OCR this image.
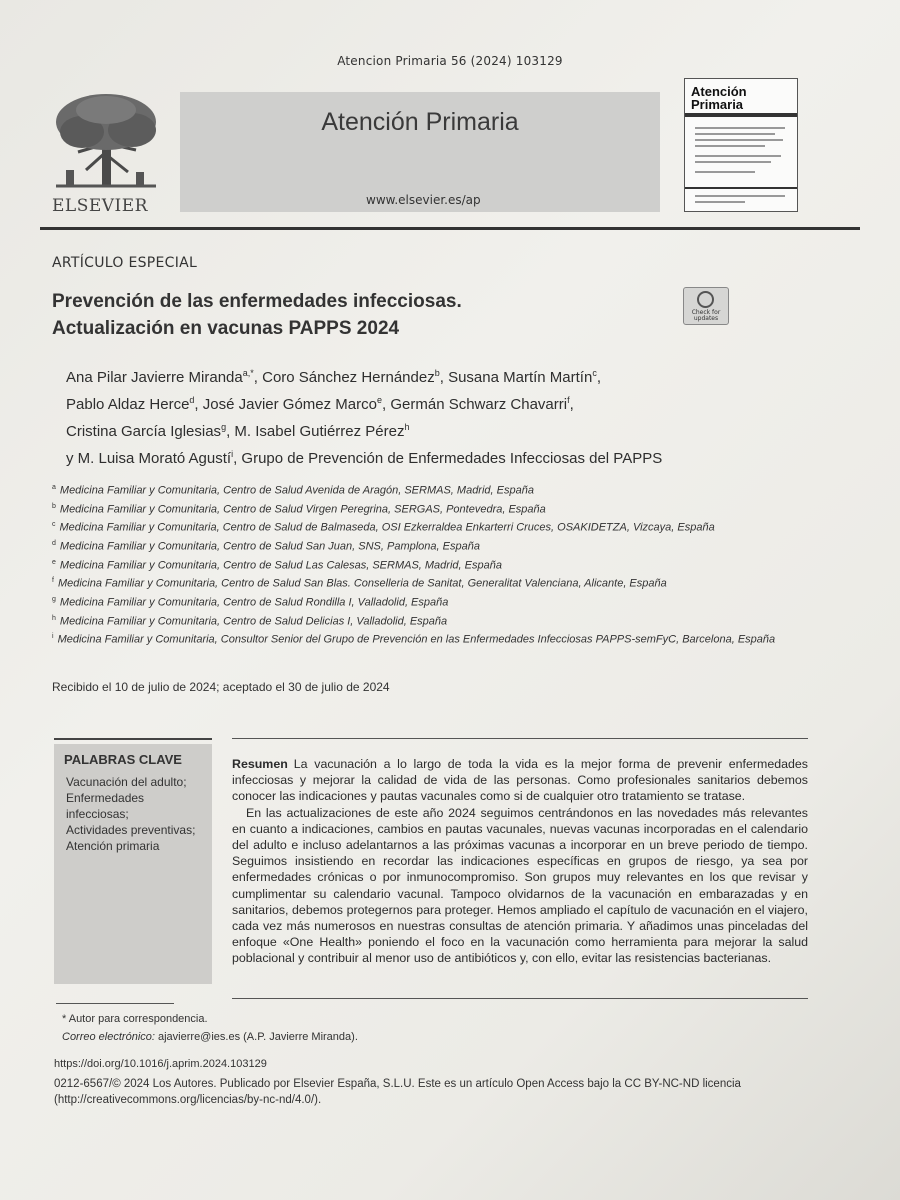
Atencion Primaria 56 (2024) 103129
ELSEVIER
Atención Primaria
www.elsevier.es/ap
Atención
Primaria
ARTÍCULO ESPECIAL
Prevención de las enfermedades infecciosas.
Actualización en vacunas PAPPS 2024
Check for updates
Ana Pilar Javierre Miranda$^{a,*}$, Coro Sánchez Hernández$^b$, Susana Martín Martín$^c$,
Pablo Aldaz Herce$^d$, José Javier Gómez Marco$^e$, Germán Schwarz Chavarri$^f$,
Cristina García Iglesias$^g$, M. Isabel Gutiérrez Pérez$^h$
y M. Luisa Morató Agustí$^i$, Grupo de Prevención de Enfermedades Infecciosas del PAPPS
$^a$ Medicina Familiar y Comunitaria, Centro de Salud Avenida de Aragón, SERMAS, Madrid, España
$^b$ Medicina Familiar y Comunitaria, Centro de Salud Virgen Peregrina, SERGAS, Pontevedra, España
$^c$ Medicina Familiar y Comunitaria, Centro de Salud de Balmaseda, OSI Ezkerraldea Enkarterri Cruces, OSAKIDETZA, Vizcaya, España
$^d$ Medicina Familiar y Comunitaria, Centro de Salud San Juan, SNS, Pamplona, España
$^e$ Medicina Familiar y Comunitaria, Centro de Salud Las Calesas, SERMAS, Madrid, España
$^f$ Medicina Familiar y Comunitaria, Centro de Salud San Blas. Conselleria de Sanitat, Generalitat Valenciana, Alicante, España
$^g$ Medicina Familiar y Comunitaria, Centro de Salud Rondilla I, Valladolid, España
$^h$ Medicina Familiar y Comunitaria, Centro de Salud Delicias I, Valladolid, España
$^i$ Medicina Familiar y Comunitaria, Consultor Senior del Grupo de Prevención en las Enfermedades Infecciosas PAPPS-semFyC, Barcelona, España
Recibido el 10 de julio de 2024; aceptado el 30 de julio de 2024
PALABRAS CLAVE
Vacunación del adulto;
Enfermedades infecciosas;
Actividades preventivas;
Atención primaria

Resumen La vacunación a lo largo de toda la vida es la mejor forma de prevenir enfermedades infecciosas y mejorar la calidad de vida de las personas. Como profesionales sanitarios debemos conocer las indicaciones y pautas vacunales como si de cualquier otro tratamiento se tratase.

En las actualizaciones de este año 2024 seguimos centrándonos en las novedades más relevantes en cuanto a indicaciones, cambios en pautas vacunales, nuevas vacunas incorporadas en el calendario del adulto e incluso adelantarnos a las próximas vacunas a incorporar en un breve periodo de tiempo. Seguimos insistiendo en recordar las indicaciones específicas en grupos de riesgo, ya sea por enfermedades crónicas o por inmunocompromiso. Son grupos muy relevantes en los que revisar y cumplimentar su calendario vacunal. Tampoco olvidarnos de la vacunación en embarazadas y en sanitarios, debemos protegernos para proteger. Hemos ampliado el capítulo de vacunación en el viajero, cada vez más numerosos en nuestras consultas de atención primaria. Y añadimos unas pinceladas del enfoque «One Health» poniendo el foco en la vacunación como herramienta para mejorar la salud poblacional y contribuir al menor uso de antibióticos y, con ello, evitar las resistencias bacterianas.

* Autor para correspondencia.
Correo electrónico: ajavierre@ies.es (A.P. Javierre Miranda).
https://doi.org/10.1016/j.aprim.2024.103129
0212-6567/© 2024 Los Autores. Publicado por Elsevier España, S.L.U. Este es un artículo Open Access bajo la CC BY-NC-ND licencia (http://creativecommons.org/licencias/by-nc-nd/4.0/).
